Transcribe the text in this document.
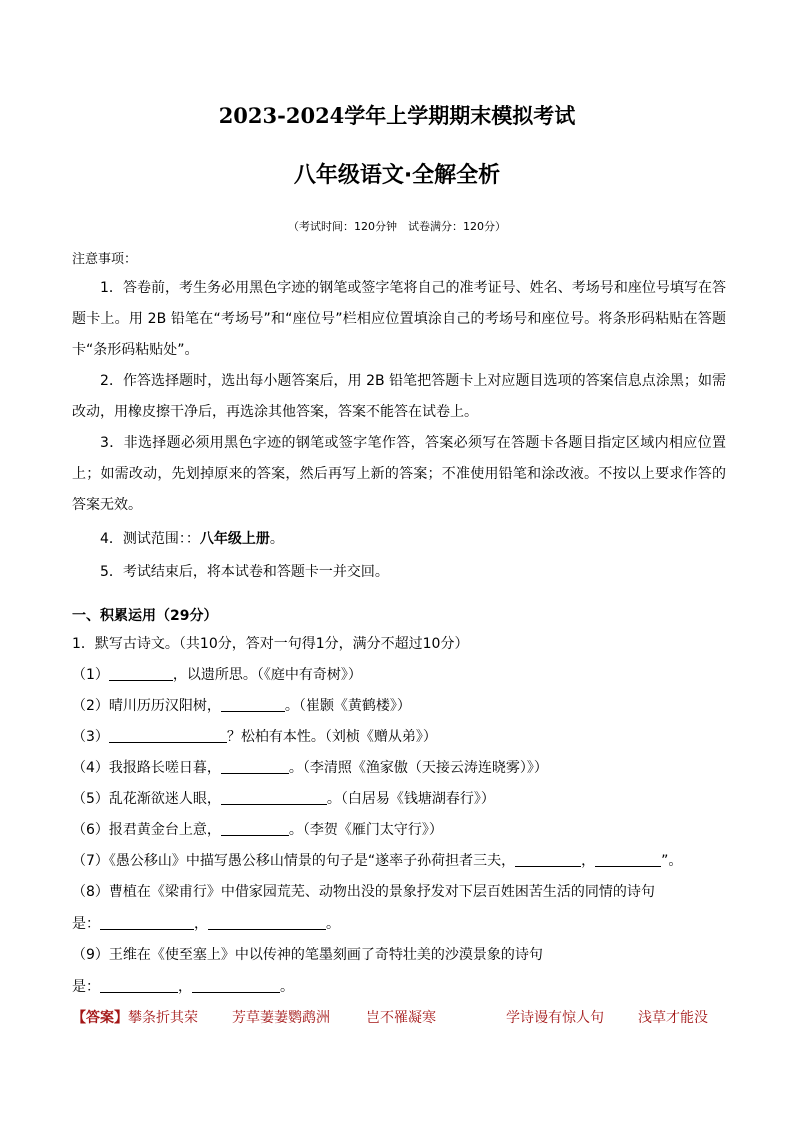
2023-2024学年上学期期末模拟考试
八年级语文·全解全析
（考试时间：120分钟　试卷满分：120分）
注意事项：
1．答卷前，考生务必用黑色字迹的钢笔或签字笔将自己的准考证号、姓名、考场号和座位号填写在答题卡上。用 2B 铅笔在“考场号”和“座位号”栏相应位置填涂自己的考场号和座位号。将条形码粘贴在答题卡“条形码粘贴处”。
2．作答选择题时，选出每小题答案后，用 2B 铅笔把答题卡上对应题目选项的答案信息点涂黑；如需改动，用橡皮擦干净后，再选涂其他答案，答案不能答在试卷上。
3．非选择题必须用黑色字迹的钢笔或签字笔作答，答案必须写在答题卡各题目指定区域内相应位置上；如需改动，先划掉原来的答案，然后再写上新的答案；不准使用铅笔和涂改液。不按以上要求作答的答案无效。
4．测试范围：：八年级上册。
5．考试结束后，将本试卷和答题卡一并交回。
一、积累运用（29分）
1．默写古诗文。（共10分，答对一句得1分，满分不超过10分）
（1）	，以遗所思。（《庭中有奇树》）
（2）晴川历历汉阳树，	。（崔颢《黄鹤楼》）
（3）	？松柏有本性。（刘桢《赠从弟》）
（4）我报路长嗟日暮，	。（李清照《渔家傲（天接云涛连晓雾）》）
（5）乱花渐欲迷人眼，	。（白居易《钱塘湖春行》）
（6）报君黄金台上意，	。（李贺《雁门太守行》）
（7）《愚公移山》中描写愚公移山情景的句子是“遂率子孙荷担者三夫，	，	”。
（8）曹植在《梁甫行》中借家园荒芜、动物出没的景象抒发对下层百姓困苦生活的同情的诗句
是：	，	。
（9）王维在《使至塞上》中以传神的笔墨刻画了奇特壮美的沙漠景象的诗句
是：	，	。
【答案】 攀条折其荣 芳草萋萋鹦鹉洲	岂不罹凝寒	学诗谩有惊人句 浅草才能没
